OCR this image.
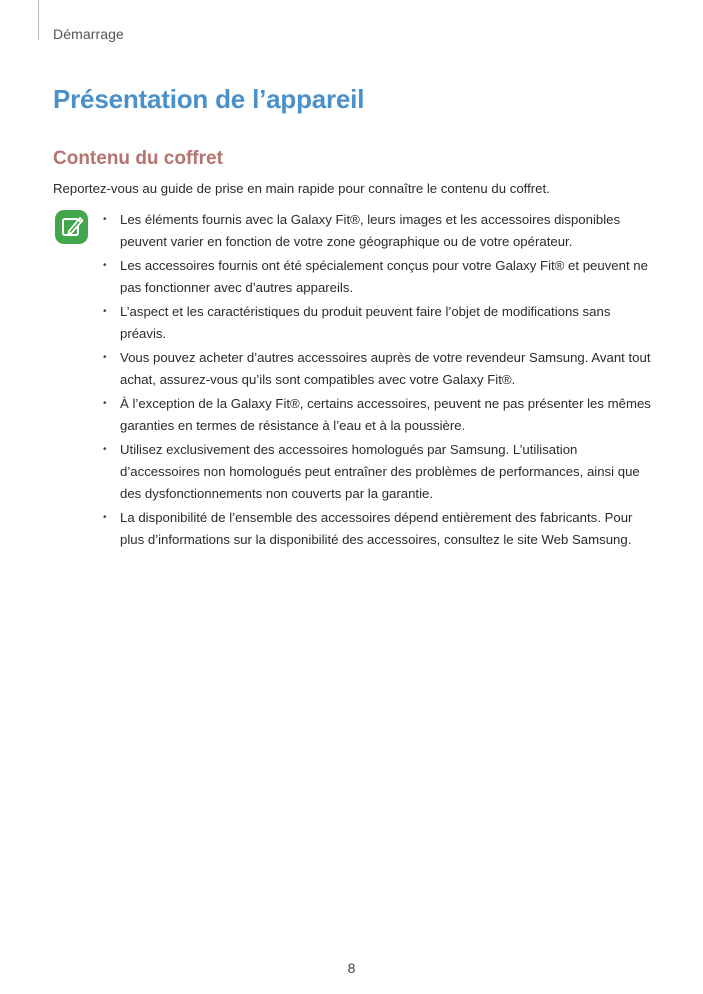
Démarrage
Présentation de l’appareil
Contenu du coffret

Reportez-vous au guide de prise en main rapide pour connaître le contenu du coffret.

• Les éléments fournis avec la Galaxy Fit®, leurs images et les accessoires disponibles peuvent varier en fonction de votre zone géographique ou de votre opérateur.
• Les accessoires fournis ont été spécialement conçus pour votre Galaxy Fit® et peuvent ne pas fonctionner avec d’autres appareils.
• L’aspect et les caractéristiques du produit peuvent faire l’objet de modifications sans préavis.
• Vous pouvez acheter d’autres accessoires auprès de votre revendeur Samsung. Avant tout achat, assurez-vous qu’ils sont compatibles avec votre Galaxy Fit®.
• À l’exception de la Galaxy Fit®, certains accessoires, peuvent ne pas présenter les mêmes garanties en termes de résistance à l’eau et à la poussière.
• Utilisez exclusivement des accessoires homologués par Samsung. L’utilisation d’accessoires non homologués peut entraîner des problèmes de performances, ainsi que des dysfonctionnements non couverts par la garantie.
• La disponibilité de l’ensemble des accessoires dépend entièrement des fabricants. Pour plus d’informations sur la disponibilité des accessoires, consultez le site Web Samsung.
8
